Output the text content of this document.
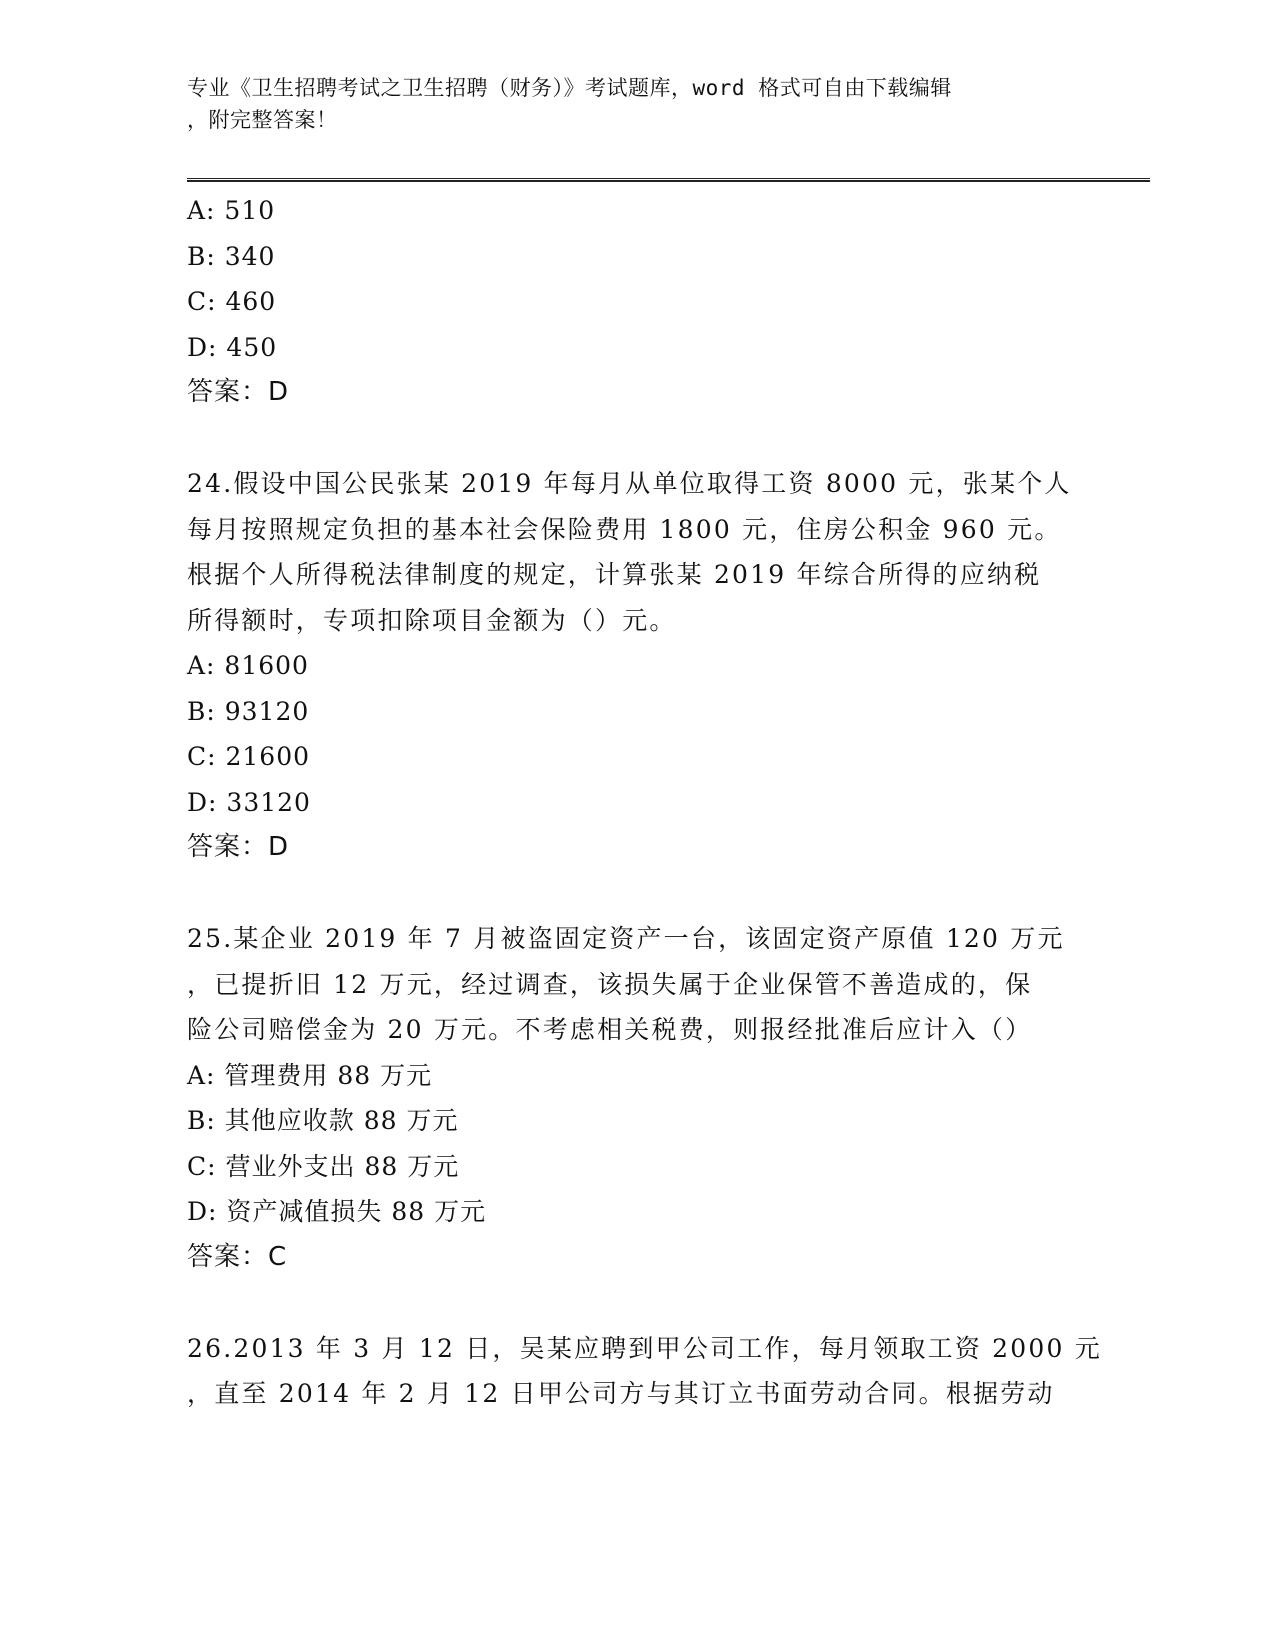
专业《卫生招聘考试之卫生招聘（财务）》考试题库，word 格式可自由下载编辑
，附完整答案！
A: 510
B: 340
C: 460
D: 450
答案：D
24.假设中国公民张某 2019 年每月从单位取得工资 8000 元，张某个人
每月按照规定负担的基本社会保险费用 1800 元，住房公积金 960 元。
根据个人所得税法律制度的规定，计算张某 2019 年综合所得的应纳税
所得额时，专项扣除项目金额为（）元。
A: 81600
B: 93120
C: 21600
D: 33120
答案：D
25.某企业 2019 年 7 月被盗固定资产一台，该固定资产原值 120 万元
，已提折旧 12 万元，经过调查，该损失属于企业保管不善造成的，保
险公司赔偿金为 20 万元。不考虑相关税费，则报经批准后应计入（）
A: 管理费用 88 万元
B: 其他应收款 88 万元
C: 营业外支出 88 万元
D: 资产减值损失 88 万元
答案：C
26.2013 年 3 月 12 日，吴某应聘到甲公司工作，每月领取工资 2000 元
，直至 2014 年 2 月 12 日甲公司方与其订立书面劳动合同。根据劳动
